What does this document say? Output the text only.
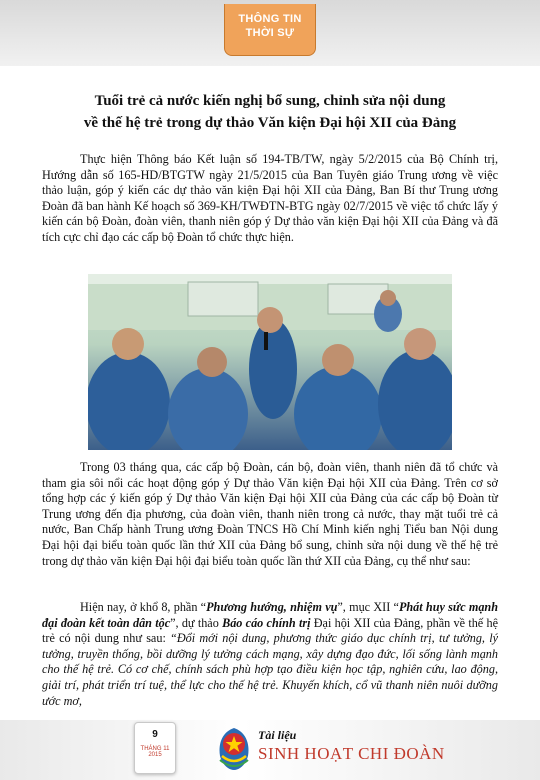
THÔNG TIN
THỜI SỰ
Tuổi trẻ cả nước kiến nghị bổ sung, chỉnh sửa nội dung
về thế hệ trẻ trong dự thảo Văn kiện Đại hội XII của Đảng

Thực hiện Thông báo Kết luận số 194-TB/TW, ngày 5/2/2015 của Bộ Chính trị, Hướng dẫn số 165-HD/BTGTW ngày 21/5/2015 của Ban Tuyên giáo Trung ương về việc thảo luận, góp ý kiến các dự thảo văn kiện Đại hội XII của Đảng, Ban Bí thư Trung ương Đoàn đã ban hành Kế hoạch số 369-KH/TWĐTN-BTG ngày 02/7/2015 về việc tổ chức lấy ý kiến cán bộ Đoàn, đoàn viên, thanh niên góp ý Dự thảo văn kiện Đại hội XII của Đảng và đã tích cực chỉ đạo các cấp bộ Đoàn tổ chức thực hiện.

Trong 03 tháng qua, các cấp bộ Đoàn, cán bộ, đoàn viên, thanh niên đã tổ chức và tham gia sôi nổi các hoạt động góp ý Dự thảo Văn kiện Đại hội XII của Đảng. Trên cơ sở tổng hợp các ý kiến góp ý Dự thảo Văn kiện Đại hội XII của Đảng của các cấp bộ Đoàn từ Trung ương đến địa phương, của đoàn viên, thanh niên trong cả nước, thay mặt tuổi trẻ cả nước, Ban Chấp hành Trung ương Đoàn TNCS Hồ Chí Minh kiến nghị Tiểu ban Nội dung Đại hội đại biểu toàn quốc lần thứ XII của Đảng bổ sung, chỉnh sửa nội dung về thế hệ trẻ trong dự thảo văn kiện Đại hội đại biểu toàn quốc lần thứ XII của Đảng, cụ thể như sau:

Hiện nay, ở khổ 8, phần “Phương hướng, nhiệm vụ”, mục XII “Phát huy sức mạnh đại đoàn kết toàn dân tộc”, dự thảo Báo cáo chính trị Đại hội XII của Đảng, phần về thế hệ trẻ có nội dung như sau: “Đổi mới nội dung, phương thức giáo dục chính trị, tư tưởng, lý tưởng, truyền thống, bồi dưỡng lý tưởng cách mạng, xây dựng đạo đức, lối sống lành mạnh cho thế hệ trẻ. Có cơ chế, chính sách phù hợp tạo điều kiện học tập, nghiên cứu, lao động, giải trí, phát triển trí tuệ, thể lực cho thế hệ trẻ. Khuyến khích, cổ vũ thanh niên nuôi dưỡng ước mơ,

9
THÁNG 11
2015
Tài liệu
SINH HOẠT CHI ĐOÀN
